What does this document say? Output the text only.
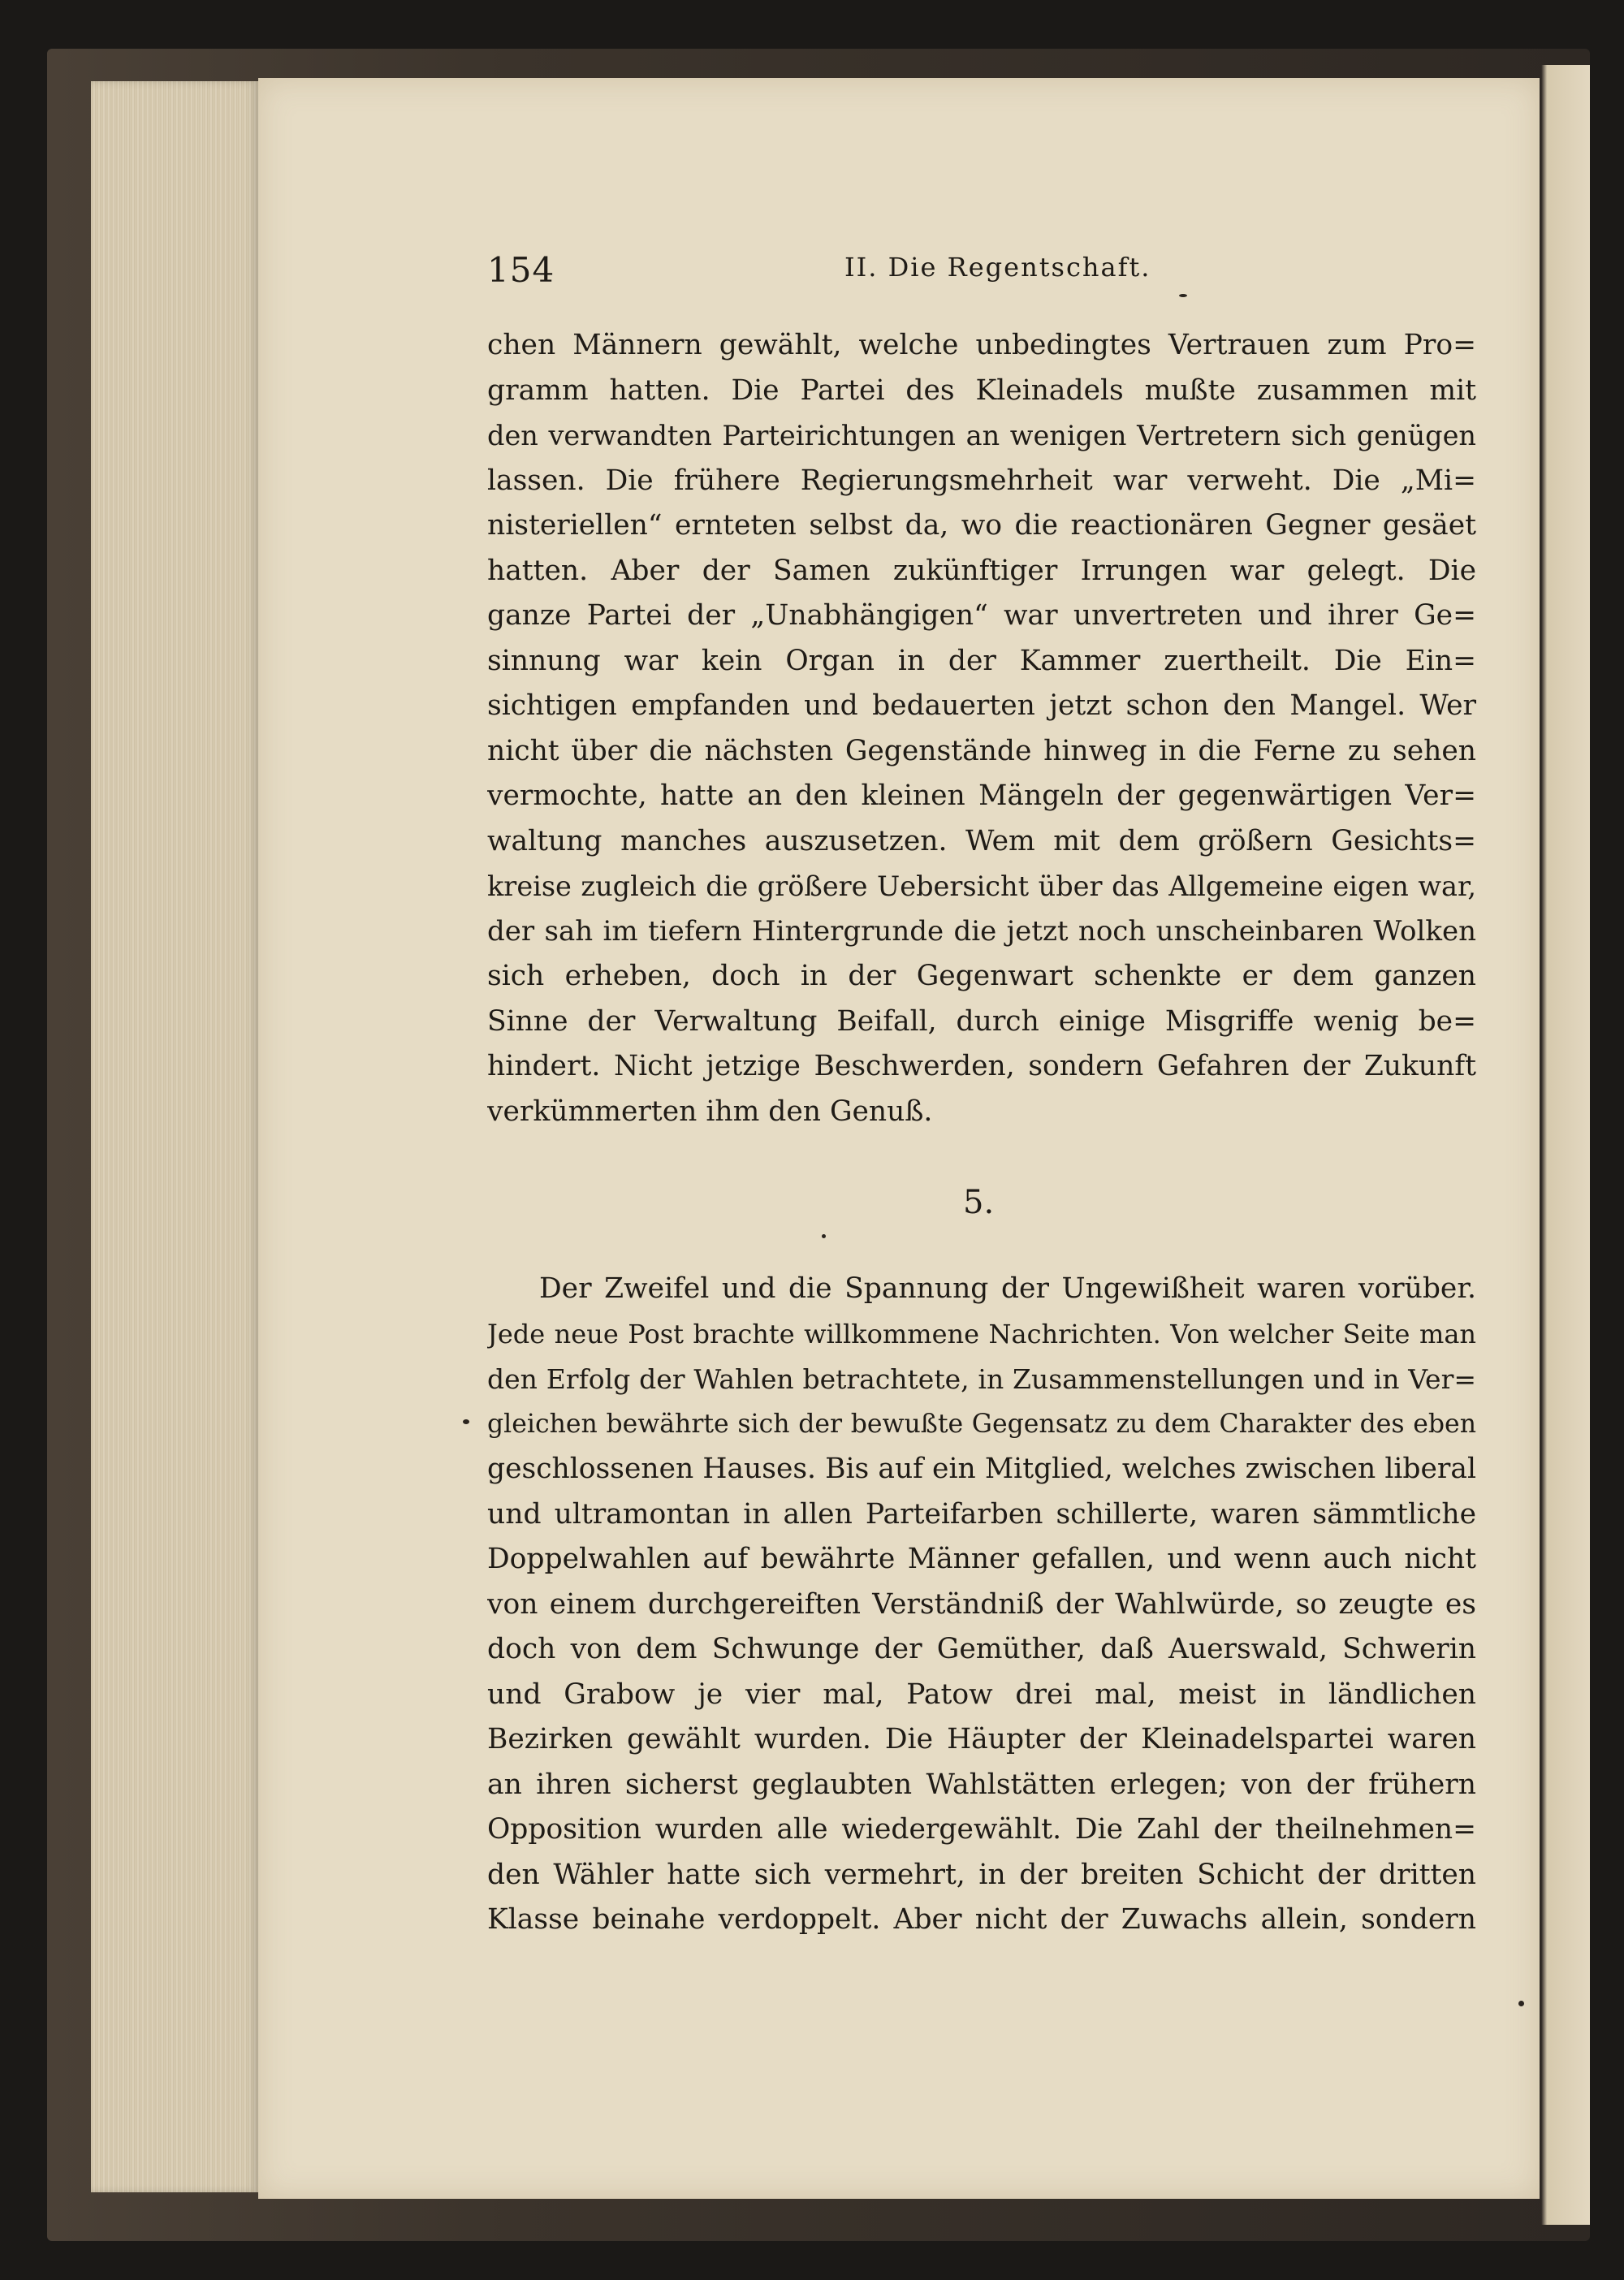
154	II. Die Regentschaft.
chen Männern gewählt, welche unbedingtes Vertrauen zum Pro=
gramm hatten. Die Partei des Kleinadels mußte zusammen mit
den verwandten Parteirichtungen an wenigen Vertretern sich genügen
lassen. Die frühere Regierungsmehrheit war verweht. Die „Mi=
nisteriellen“ ernteten selbst da, wo die reactionären Gegner gesäet
hatten. Aber der Samen zukünftiger Irrungen war gelegt. Die
ganze Partei der „Unabhängigen“ war unvertreten und ihrer Ge=
sinnung war kein Organ in der Kammer zuertheilt. Die Ein=
sichtigen empfanden und bedauerten jetzt schon den Mangel. Wer
nicht über die nächsten Gegenstände hinweg in die Ferne zu sehen
vermochte, hatte an den kleinen Mängeln der gegenwärtigen Ver=
waltung manches auszusetzen. Wem mit dem größern Gesichts=
kreise zugleich die größere Uebersicht über das Allgemeine eigen war,
der sah im tiefern Hintergrunde die jetzt noch unscheinbaren Wolken
sich erheben, doch in der Gegenwart schenkte er dem ganzen
Sinne der Verwaltung Beifall, durch einige Misgriffe wenig be=
hindert. Nicht jetzige Beschwerden, sondern Gefahren der Zukunft
verkümmerten ihm den Genuß.
5.
Der Zweifel und die Spannung der Ungewißheit waren vorüber.
Jede neue Post brachte willkommene Nachrichten. Von welcher Seite man
den Erfolg der Wahlen betrachtete, in Zusammenstellungen und in Ver=
gleichen bewährte sich der bewußte Gegensatz zu dem Charakter des eben
geschlossenen Hauses. Bis auf ein Mitglied, welches zwischen liberal
und ultramontan in allen Parteifarben schillerte, waren sämmtliche
Doppelwahlen auf bewährte Männer gefallen, und wenn auch nicht
von einem durchgereiften Verständniß der Wahlwürde, so zeugte es
doch von dem Schwunge der Gemüther, daß Auerswald, Schwerin
und Grabow je vier mal, Patow drei mal, meist in ländlichen
Bezirken gewählt wurden. Die Häupter der Kleinadelspartei waren
an ihren sicherst geglaubten Wahlstätten erlegen; von der frühern
Opposition wurden alle wiedergewählt. Die Zahl der theilnehmen=
den Wähler hatte sich vermehrt, in der breiten Schicht der dritten
Klasse beinahe verdoppelt. Aber nicht der Zuwachs allein, sondern
